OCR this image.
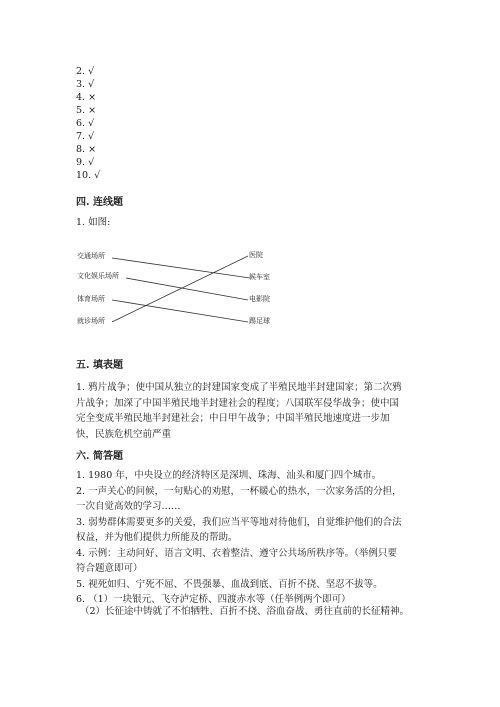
2. √
3. √
4. ×
5. ×
6. √
7. √
8. ×
9. √
10. √
四. 连线题
1. 如图:
交通场所
文化娱乐场所
体育场所
就诊场所
医院
候车室
电影院
踢足球
五. 填表题
1. 鸦片战争；使中国从独立的封建国家变成了半殖民地半封建国家；第二次鸦
片战争；加深了中国半殖民地半封建社会的程度；八国联军侵华战争；使中国
完全变成半殖民地半封建社会；中日甲午战争；中国半殖民地速度进一步加
快，民族危机空前严重
六. 简答题
1. 1980 年，中央设立的经济特区是深圳、珠海、汕头和厦门四个城市。
2. 一声关心的问候，一句贴心的劝慰，一杯暖心的热水，一次家务活的分担，
一次自觉高效的学习……
3. 弱势群体需要更多的关爱，我们应当平等地对待他们，自觉维护他们的合法
权益，并为他们提供力所能及的帮助。
4. 示例：主动问好、语言文明、衣着整洁、遵守公共场所秩序等。（举例只要
符合题意即可）
5. 视死如归、宁死不屈、不畏强暴、血战到底、百折不挠、坚忍不拔等。
6. （1）一块银元、飞夺泸定桥、四渡赤水等（任举例两个即可）
（2）长征途中铸就了不怕牺牲、百折不挠、浴血奋战、勇往直前的长征精神。
